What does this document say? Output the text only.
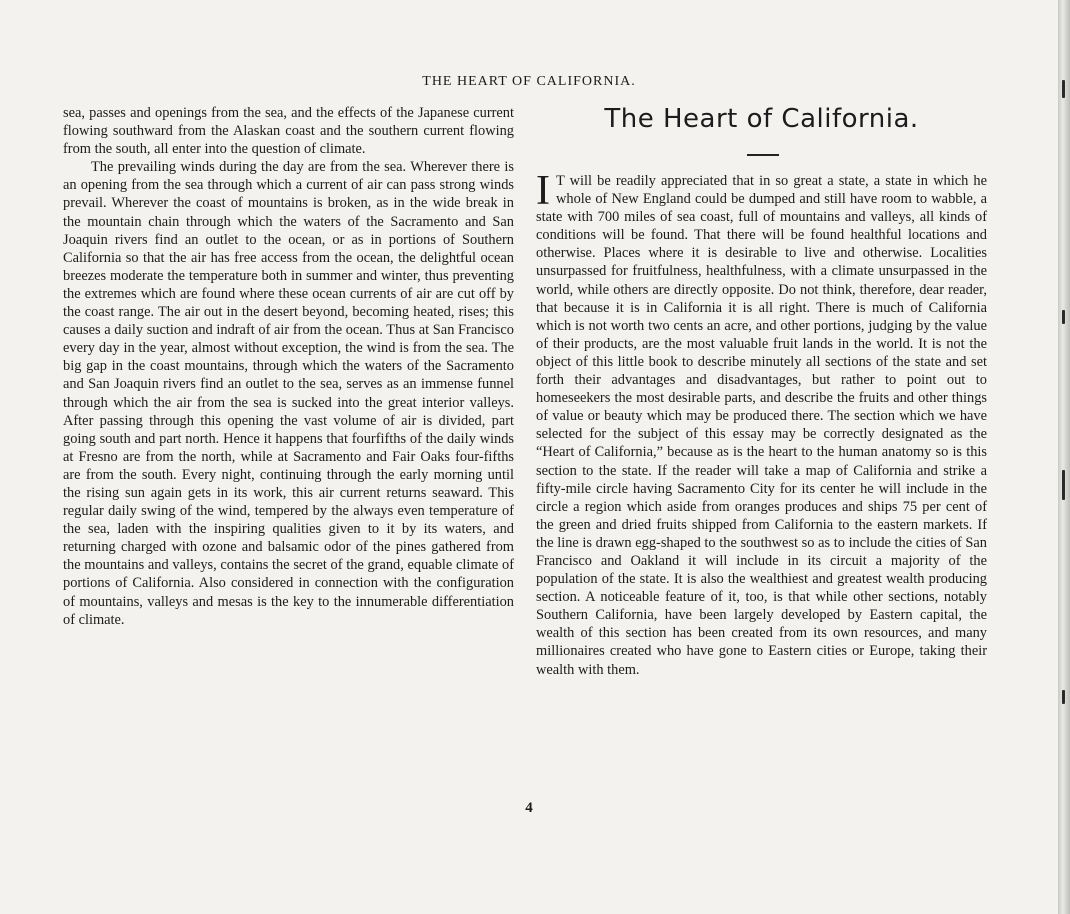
THE HEART OF CALIFORNIA.

sea, passes and openings from the sea, and the effects of the Japanese current flowing southward from the Alaskan coast and the southern current flowing from the south, all enter into the question of climate.

The prevailing winds during the day are from the sea. Wherever there is an opening from the sea through which a current of air can pass strong winds prevail. Wherever the coast of mountains is broken, as in the wide break in the mountain chain through which the waters of the Sacramento and San Joaquin rivers find an outlet to the ocean, or as in portions of Southern California so that the air has free access from the ocean, the delightful ocean breezes moderate the temperature both in summer and winter, thus preventing the extremes which are found where these ocean currents of air are cut off by the coast range. The air out in the desert beyond, becoming heated, rises; this causes a daily suction and indraft of air from the ocean. Thus at San Francisco every day in the year, almost without exception, the wind is from the sea. The big gap in the coast mountains, through which the waters of the Sacramento and San Joaquin rivers find an outlet to the sea, serves as an immense funnel through which the air from the sea is sucked into the great interior valleys. After passing through this opening the vast volume of air is divided, part going south and part north. Hence it happens that fourfifths of the daily winds at Fresno are from the north, while at Sacramento and Fair Oaks four-fifths are from the south. Every night, continuing through the early morning until the rising sun again gets in its work, this air current returns seaward. This regular daily swing of the wind, tempered by the always even temperature of the sea, laden with the inspiring qualities given to it by its waters, and returning charged with ozone and balsamic odor of the pines gathered from the mountains and valleys, contains the secret of the grand, equable climate of portions of California. Also considered in connection with the configuration of mountains, valleys and mesas is the key to the innumerable differentiation of climate.

The Heart of California.

I T will be readily appreciated that in so great a state, a state in which he whole of New England could be dumped and still have room to wabble, a state with 700 miles of sea coast, full of mountains and valleys, all kinds of conditions will be found. That there will be found healthful locations and otherwise. Places where it is desirable to live and otherwise. Localities unsurpassed for fruitfulness, healthfulness, with a climate unsurpassed in the world, while others are directly opposite. Do not think, therefore, dear reader, that because it is in California it is all right. There is much of California which is not worth two cents an acre, and other portions, judging by the value of their products, are the most valuable fruit lands in the world. It is not the object of this little book to describe minutely all sections of the state and set forth their advantages and disadvantages, but rather to point out to homeseekers the most desirable parts, and describe the fruits and other things of value or beauty which may be produced there. The section which we have selected for the subject of this essay may be correctly designated as the “Heart of California,” because as is the heart to the human anatomy so is this section to the state. If the reader will take a map of California and strike a fifty-mile circle having Sacramento City for its center he will include in the circle a region which aside from oranges produces and ships 75 per cent of the green and dried fruits shipped from California to the eastern markets. If the line is drawn egg-shaped to the southwest so as to include the cities of San Francisco and Oakland it will include in its circuit a majority of the population of the state. It is also the wealthiest and greatest wealth producing section. A noticeable feature of it, too, is that while other sections, notably Southern California, have been largely developed by Eastern capital, the wealth of this section has been created from its own resources, and many millionaires created who have gone to Eastern cities or Europe, taking their wealth with them.

4
